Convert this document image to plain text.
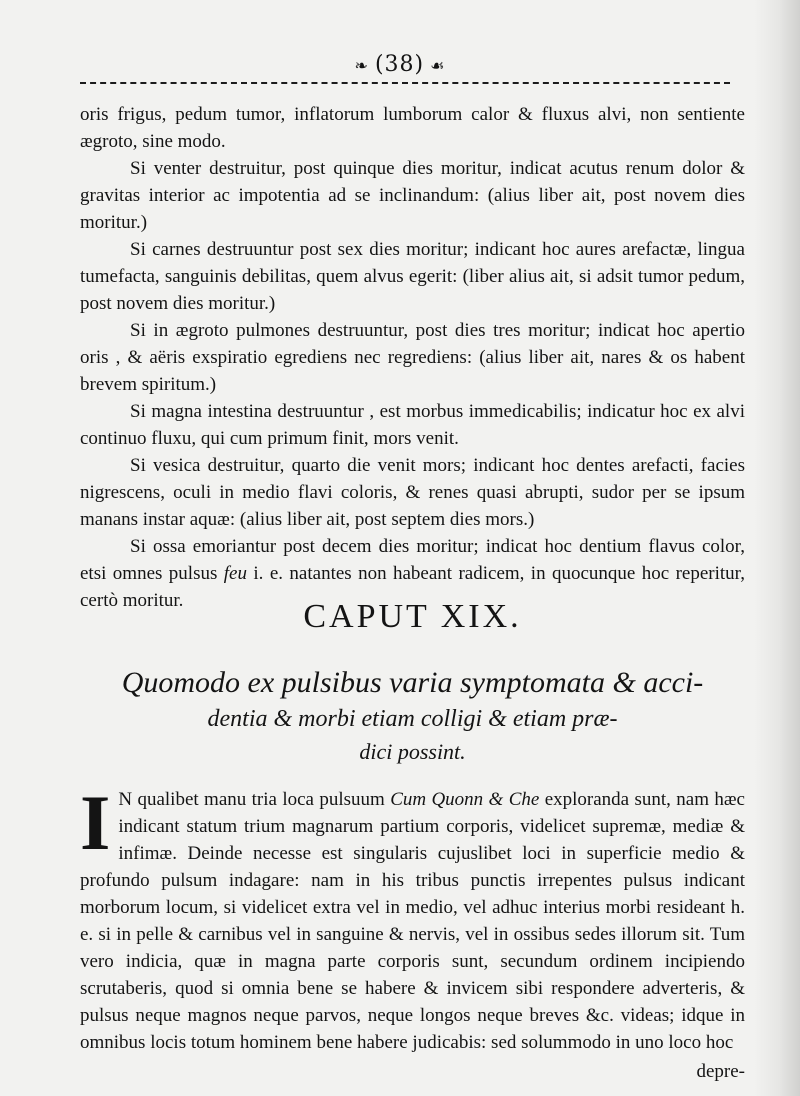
❧ (38) ☙

oris frigus, pedum tumor, inflatorum lumborum calor & fluxus alvi, non sentiente ægroto, sine modo.

Si venter destruitur, post quinque dies moritur, indicat acutus renum dolor & gravitas interior ac impotentia ad se inclinandum: (alius liber ait, post novem dies moritur.)

Si carnes destruuntur post sex dies moritur; indicant hoc aures arefactæ, lingua tumefacta, sanguinis debilitas, quem alvus egerit: (liber alius ait, si adsit tumor pedum, post novem dies moritur.)

Si in ægroto pulmones destruuntur, post dies tres moritur; indicat hoc apertio oris , & aëris exspiratio egrediens nec regrediens: (alius liber ait, nares & os habent brevem spiritum.)

Si magna intestina destruuntur , est morbus immedicabilis; indicatur hoc ex alvi continuo fluxu, qui cum primum finit, mors venit.

Si vesica destruitur, quarto die venit mors; indicant hoc dentes arefacti, facies nigrescens, oculi in medio flavi coloris, & renes quasi abrupti, sudor per se ipsum manans instar aquæ: (alius liber ait, post septem dies mors.)

Si ossa emoriantur post decem dies moritur; indicat hoc dentium flavus color, etsi omnes pulsus feu i. e. natantes non habeant radicem, in quocunque hoc reperitur, certò moritur.	CAPUT XIX.
Quomodo ex pulsibus varia symptomata & acci-
dentia & morbi etiam colligi & etiam præ-
dici possint.

I N qualibet manu tria loca pulsuum Cum Quonn & Che exploranda sunt, nam hæc indicant statum trium magnarum partium corporis, videlicet supremæ, mediæ & infimæ. Deinde necesse est singularis cujuslibet loci in superficie medio & profundo pulsum indagare: nam in his tribus punctis irrepentes pulsus indicant morborum locum, si videlicet extra vel in medio, vel adhuc interius morbi resideant h. e. si in pelle & carnibus vel in sanguine & nervis, vel in ossibus sedes illorum sit. Tum vero indicia, quæ in magna parte corporis sunt, secundum ordinem incipiendo scrutaberis, quod si omnia bene se habere & invicem sibi respondere adverteris, & pulsus neque magnos neque parvos, neque longos neque breves &c. videas; idque in omnibus locis totum hominem bene habere judicabis: sed solummodo in uno loco hoc

depre-
